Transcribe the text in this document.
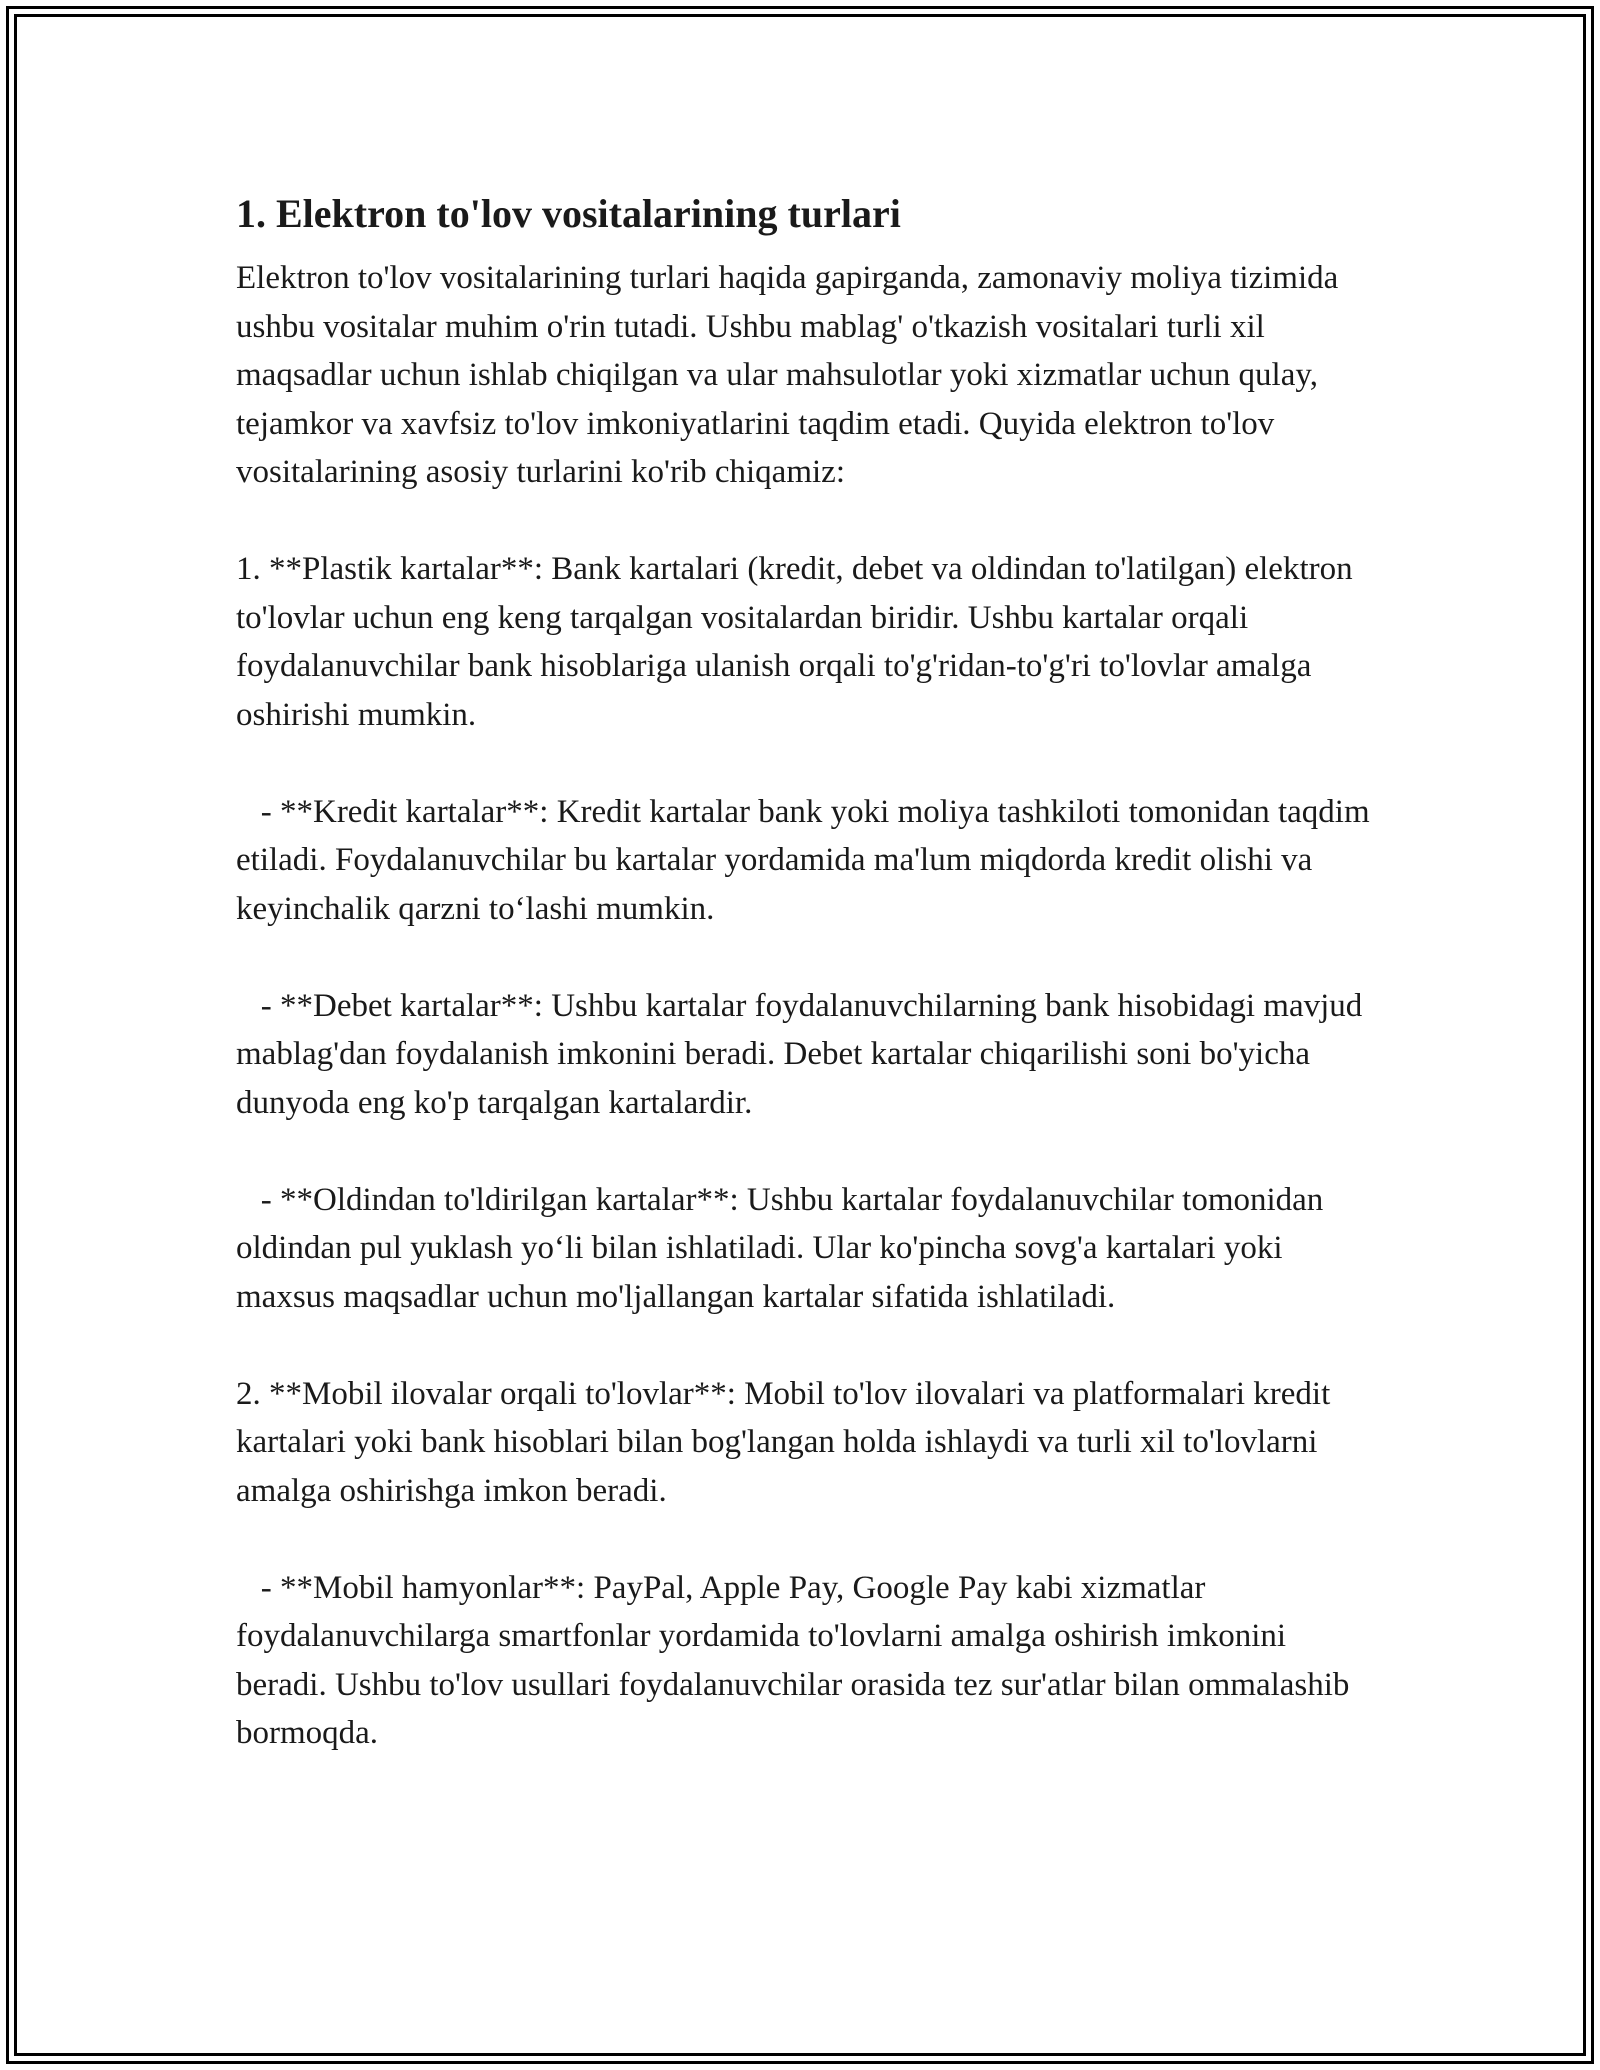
1. Elektron to'lov vositalarining turlari

Elektron to'lov vositalarining turlari haqida gapirganda, zamonaviy moliya tizimida ushbu vositalar muhim o'rin tutadi. Ushbu mablag' o'tkazish vositalari turli xil maqsadlar uchun ishlab chiqilgan va ular mahsulotlar yoki xizmatlar uchun qulay, tejamkor va xavfsiz to'lov imkoniyatlarini taqdim etadi. Quyida elektron to'lov vositalarining asosiy turlarini ko'rib chiqamiz:

1. **Plastik kartalar**: Bank kartalari (kredit, debet va oldindan to'latilgan) elektron to'lovlar uchun eng keng tarqalgan vositalardan biridir. Ushbu kartalar orqali foydalanuvchilar bank hisoblariga ulanish orqali to'g'ridan-to'g'ri to'lovlar amalga oshirishi mumkin.

- **Kredit kartalar**: Kredit kartalar bank yoki moliya tashkiloti tomonidan taqdim etiladi. Foydalanuvchilar bu kartalar yordamida ma'lum miqdorda kredit olishi va keyinchalik qarzni to‘lashi mumkin.

- **Debet kartalar**: Ushbu kartalar foydalanuvchilarning bank hisobidagi mavjud mablag'dan foydalanish imkonini beradi. Debet kartalar chiqarilishi soni bo'yicha dunyoda eng ko'p tarqalgan kartalardir.

- **Oldindan to'ldirilgan kartalar**: Ushbu kartalar foydalanuvchilar tomonidan oldindan pul yuklash yo‘li bilan ishlatiladi. Ular ko'pincha sovg'a kartalari yoki maxsus maqsadlar uchun mo'ljallangan kartalar sifatida ishlatiladi.

2. **Mobil ilovalar orqali to'lovlar**: Mobil to'lov ilovalari va platformalari kredit kartalari yoki bank hisoblari bilan bog'langan holda ishlaydi va turli xil to'lovlarni amalga oshirishga imkon beradi.

- **Mobil hamyonlar**: PayPal, Apple Pay, Google Pay kabi xizmatlar foydalanuvchilarga smartfonlar yordamida to'lovlarni amalga oshirish imkonini beradi. Ushbu to'lov usullari foydalanuvchilar orasida tez sur'atlar bilan ommalashib bormoqda.
